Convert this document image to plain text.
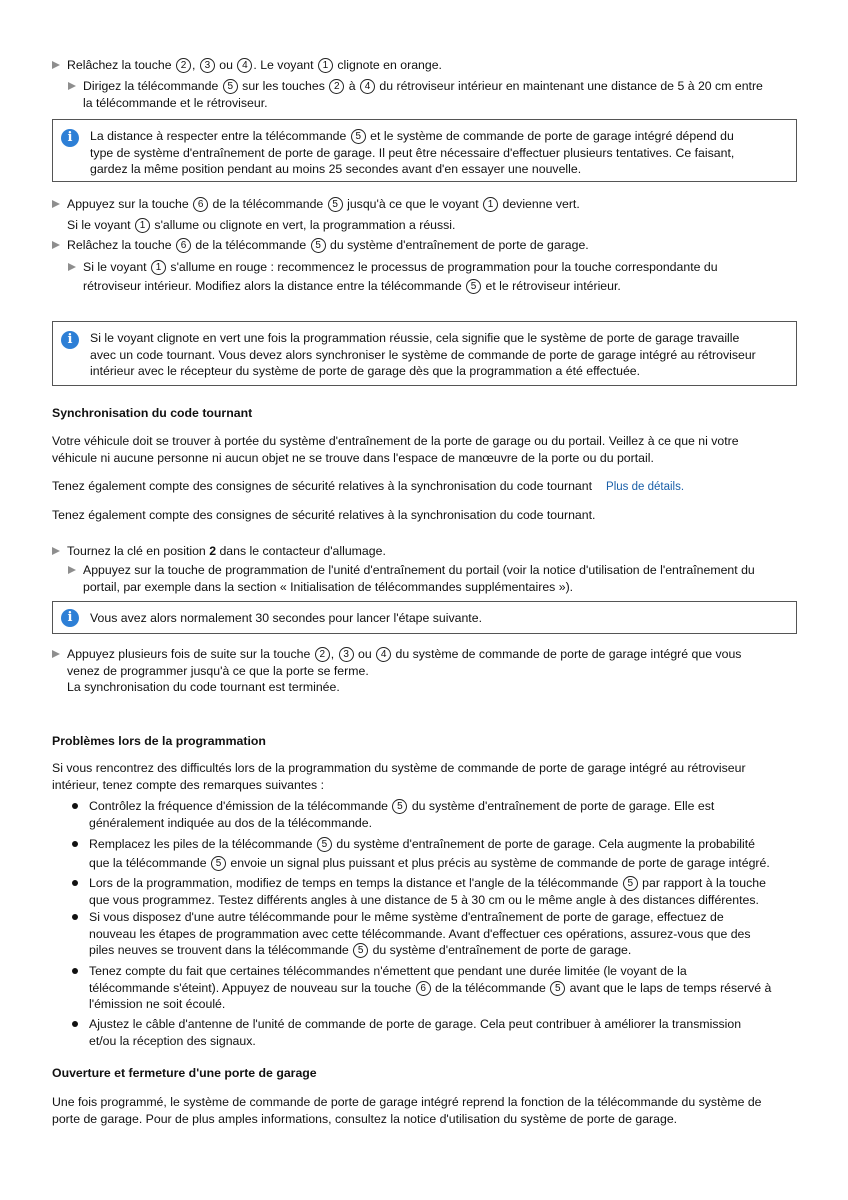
Relâchez la touche 2 , 3 ou 4 . Le voyant 1 clignote en orange.
Dirigez la télécommande 5 sur les touches 2 à 4 du rétroviseur intérieur en maintenant une distance de 5 à 20 cm entre
la télécommande et le rétroviseur.
i	La distance à respecter entre la télécommande 5 et le système de commande de porte de garage intégré dépend du
type de système d'entraînement de porte de garage. Il peut être nécessaire d'effectuer plusieurs tentatives. Ce faisant,
gardez la même position pendant au moins 25 secondes avant d'en essayer une nouvelle.
Appuyez sur la touche 6 de la télécommande 5 jusqu'à ce que le voyant 1 devienne vert.
Si le voyant 1 s'allume ou clignote en vert, la programmation a réussi.
Relâchez la touche 6 de la télécommande 5 du système d'entraînement de porte de garage.
Si le voyant 1 s'allume en rouge : recommencez le processus de programmation pour la touche correspondante du
rétroviseur intérieur. Modifiez alors la distance entre la télécommande 5 et le rétroviseur intérieur.
i	Si le voyant clignote en vert une fois la programmation réussie, cela signifie que le système de porte de garage travaille
avec un code tournant. Vous devez alors synchroniser le système de commande de porte de garage intégré au rétroviseur
intérieur avec le récepteur du système de porte de garage dès que la programmation a été effectuée.
Synchronisation du code tournant
Votre véhicule doit se trouver à portée du système d'entraînement de la porte de garage ou du portail. Veillez à ce que ni votre
véhicule ni aucune personne ni aucun objet ne se trouve dans l'espace de manœuvre de la porte ou du portail.
Tenez également compte des consignes de sécurité relatives à la synchronisation du code tournant Plus de détails.
Tenez également compte des consignes de sécurité relatives à la synchronisation du code tournant.
Tournez la clé en position 2 dans le contacteur d'allumage.
Appuyez sur la touche de programmation de l'unité d'entraînement du portail (voir la notice d'utilisation de l'entraînement du
portail, par exemple dans la section « Initialisation de télécommandes supplémentaires »).
i	Vous avez alors normalement 30 secondes pour lancer l'étape suivante.
Appuyez plusieurs fois de suite sur la touche 2 , 3 ou 4 du système de commande de porte de garage intégré que vous
venez de programmer jusqu'à ce que la porte se ferme.
La synchronisation du code tournant est terminée.
Problèmes lors de la programmation
Si vous rencontrez des difficultés lors de la programmation du système de commande de porte de garage intégré au rétroviseur
intérieur, tenez compte des remarques suivantes :
Contrôlez la fréquence d'émission de la télécommande 5 du système d'entraînement de porte de garage. Elle est
généralement indiquée au dos de la télécommande.
Remplacez les piles de la télécommande 5 du système d'entraînement de porte de garage. Cela augmente la probabilité
que la télécommande 5 envoie un signal plus puissant et plus précis au système de commande de porte de garage intégré.
Lors de la programmation, modifiez de temps en temps la distance et l'angle de la télécommande 5 par rapport à la touche
que vous programmez. Testez différents angles à une distance de 5 à 30 cm ou le même angle à des distances différentes.
Si vous disposez d'une autre télécommande pour le même système d'entraînement de porte de garage, effectuez de
nouveau les étapes de programmation avec cette télécommande. Avant d'effectuer ces opérations, assurez-vous que des
piles neuves se trouvent dans la télécommande 5 du système d'entraînement de porte de garage.
Tenez compte du fait que certaines télécommandes n'émettent que pendant une durée limitée (le voyant de la
télécommande s'éteint). Appuyez de nouveau sur la touche 6 de la télécommande 5 avant que le laps de temps réservé à
l'émission ne soit écoulé.
Ajustez le câble d'antenne de l'unité de commande de porte de garage. Cela peut contribuer à améliorer la transmission
et/ou la réception des signaux.
Ouverture et fermeture d'une porte de garage
Une fois programmé, le système de commande de porte de garage intégré reprend la fonction de la télécommande du système de
porte de garage. Pour de plus amples informations, consultez la notice d'utilisation du système de porte de garage.
